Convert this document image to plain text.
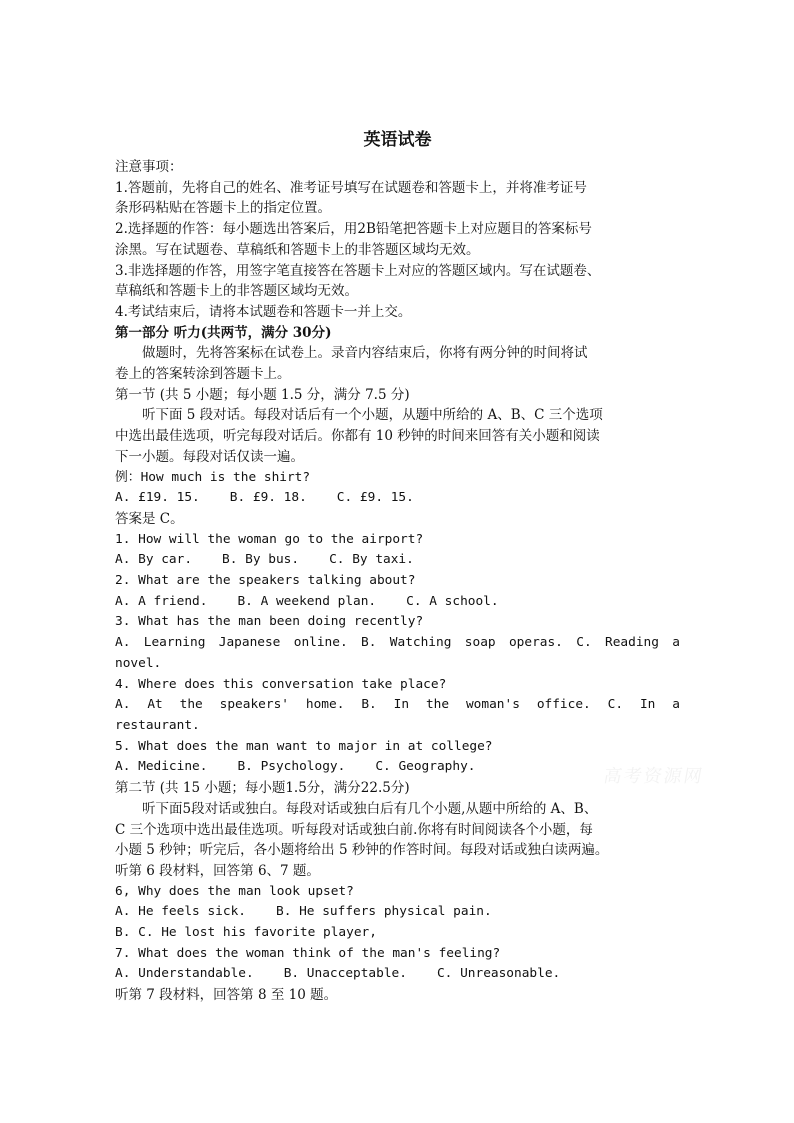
英语试卷

注意事项：

1.答题前，先将自己的姓名、准考证号填写在试题卷和答题卡上，并将准考证号

条形码粘贴在答题卡上的指定位置。

2.选择题的作答：每小题选出答案后，用2B铅笔把答题卡上对应题目的答案标号

涂黑。写在试题卷、草稿纸和答题卡上的非答题区域均无效。

3.非选择题的作答，用签字笔直接答在答题卡上对应的答题区域内。写在试题卷、

草稿纸和答题卡上的非答题区域均无效。

4.考试结束后，请将本试题卷和答题卡一并上交。

第一部分 听力(共两节，满分 30分)

做题时，先将答案标在试卷上。录音内容结束后，你将有两分钟的时间将试

卷上的答案转涂到答题卡上。

第一节 (共 5 小题；每小题 1.5 分，满分 7.5 分)

听下面 5 段对话。每段对话后有一个小题，从题中所给的 A、B、C 三个选项

中选出最佳选项，听完每段对话后。你都有 10 秒钟的时间来回答有关小题和阅读

下一小题。每段对话仅读一遍。

例：How much is the shirt?

A. £19. 15. B. £9. 18. C. £9. 15.

答案是 C。

1. How will the woman go to the airport?

A. By car. B. By bus. C. By taxi.

2. What are the speakers talking about?

A. A friend. B. A weekend plan. C. A school.

3. What has the man been doing recently?

A. Learning Japanese online. B. Watching soap operas. C. Reading a

novel.

4. Where does this conversation take place?

A. At the speakers' home. B. In the woman's office. C. In a

restaurant.

5. What does the man want to major in at college?

A. Medicine. B. Psychology. C. Geography.

第二节 (共 15 小题；每小题1.5分，满分22.5分)

听下面5段对话或独白。每段对话或独白后有几个小题,从题中所给的 A、B、

C 三个选项中选出最佳选项。听每段对话或独白前.你将有时间阅读各个小题，每

小题 5 秒钟；听完后，各小题将给出 5 秒钟的作答时间。每段对话或独白读两遍。

听第 6 段材料，回答第 6、7 题。

6, Why does the man look upset?

A. He feels sick. B. He suffers physical pain.

B. C. He lost his favorite player,

7. What does the woman think of the man's feeling?

A. Understandable. B. Unacceptable. C. Unreasonable.

听第 7 段材料，回答第 8 至 10 题。

高考资源网
